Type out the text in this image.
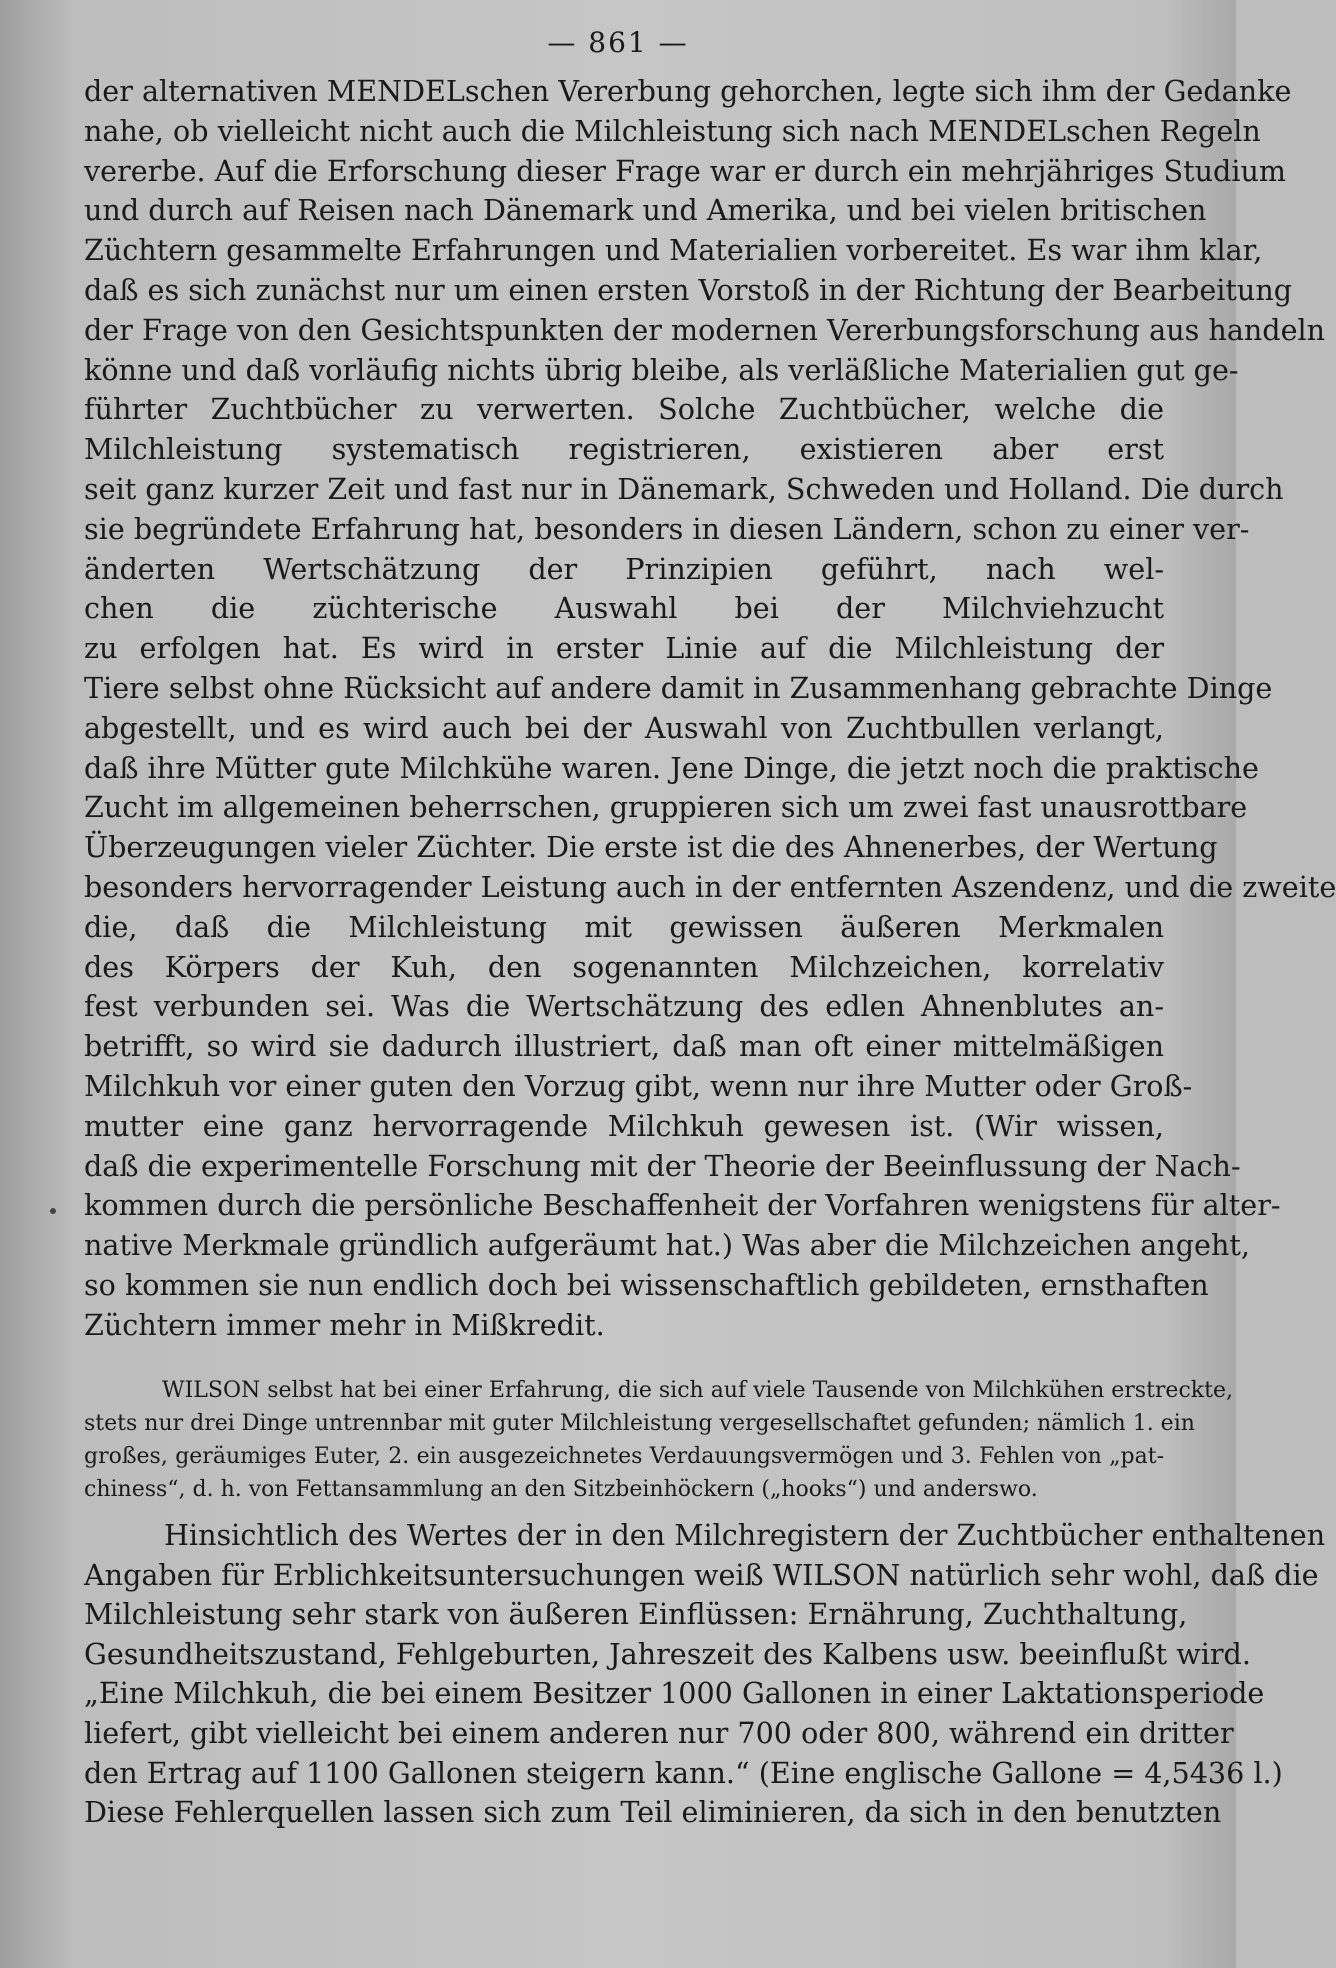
— 861 —
der alternativen MENDELschen Vererbung gehorchen, legte sich ihm der Gedanke
nahe, ob vielleicht nicht auch die Milchleistung sich nach MENDELschen Regeln
vererbe. Auf die Erforschung dieser Frage war er durch ein mehrjähriges Studium
und durch auf Reisen nach Dänemark und Amerika, und bei vielen britischen
Züchtern gesammelte Erfahrungen und Materialien vorbereitet. Es war ihm klar,
daß es sich zunächst nur um einen ersten Vorstoß in der Richtung der Bearbeitung
der Frage von den Gesichtspunkten der modernen Vererbungsforschung aus handeln
könne und daß vorläufig nichts übrig bleibe, als verläßliche Materialien gut ge-
führter Zuchtbücher zu verwerten. Solche Zuchtbücher, welche die
Milchleistung systematisch registrieren, existieren aber erst
seit ganz kurzer Zeit und fast nur in Dänemark, Schweden und Holland. Die durch
sie begründete Erfahrung hat, besonders in diesen Ländern, schon zu einer ver-
änderten Wertschätzung der Prinzipien geführt, nach wel-
chen die züchterische Auswahl bei der Milchviehzucht
zu erfolgen hat. Es wird in erster Linie auf die Milchleistung der
Tiere selbst ohne Rücksicht auf andere damit in Zusammenhang gebrachte Dinge
abgestellt, und es wird auch bei der Auswahl von Zuchtbullen verlangt,
daß ihre Mütter gute Milchkühe waren. Jene Dinge, die jetzt noch die praktische
Zucht im allgemeinen beherrschen, gruppieren sich um zwei fast unausrottbare
Überzeugungen vieler Züchter. Die erste ist die des Ahnenerbes, der Wertung
besonders hervorragender Leistung auch in der entfernten Aszendenz, und die zweite
die, daß die Milchleistung mit gewissen äußeren Merkmalen
des Körpers der Kuh, den sogenannten Milchzeichen, korrelativ
fest verbunden sei. Was die Wertschätzung des edlen Ahnenblutes an-
betrifft, so wird sie dadurch illustriert, daß man oft einer mittelmäßigen
Milchkuh vor einer guten den Vorzug gibt, wenn nur ihre Mutter oder Groß-
mutter eine ganz hervorragende Milchkuh gewesen ist. (Wir wissen,
daß die experimentelle Forschung mit der Theorie der Beeinflussung der Nach-
kommen durch die persönliche Beschaffenheit der Vorfahren wenigstens für alter-
native Merkmale gründlich aufgeräumt hat.) Was aber die Milchzeichen angeht,
so kommen sie nun endlich doch bei wissenschaftlich gebildeten, ernsthaften
Züchtern immer mehr in Mißkredit.
WILSON selbst hat bei einer Erfahrung, die sich auf viele Tausende von Milchkühen erstreckte,
stets nur drei Dinge untrennbar mit guter Milchleistung vergesellschaftet gefunden; nämlich 1. ein
großes, geräumiges Euter, 2. ein ausgezeichnetes Verdauungsvermögen und 3. Fehlen von „pat-
chiness“, d. h. von Fettansammlung an den Sitzbeinhöckern („hooks“) und anderswo.
Hinsichtlich des Wertes der in den Milchregistern der Zuchtbücher enthaltenen
Angaben für Erblichkeitsuntersuchungen weiß WILSON natürlich sehr wohl, daß die
Milchleistung sehr stark von äußeren Einflüssen: Ernährung, Zuchthaltung,
Gesundheitszustand, Fehlgeburten, Jahreszeit des Kalbens usw. beeinflußt wird.
„Eine Milchkuh, die bei einem Besitzer 1000 Gallonen in einer Laktationsperiode
liefert, gibt vielleicht bei einem anderen nur 700 oder 800, während ein dritter
den Ertrag auf 1100 Gallonen steigern kann.“ (Eine englische Gallone = 4,5436 l.)
Diese Fehlerquellen lassen sich zum Teil eliminieren, da sich in den benutzten
